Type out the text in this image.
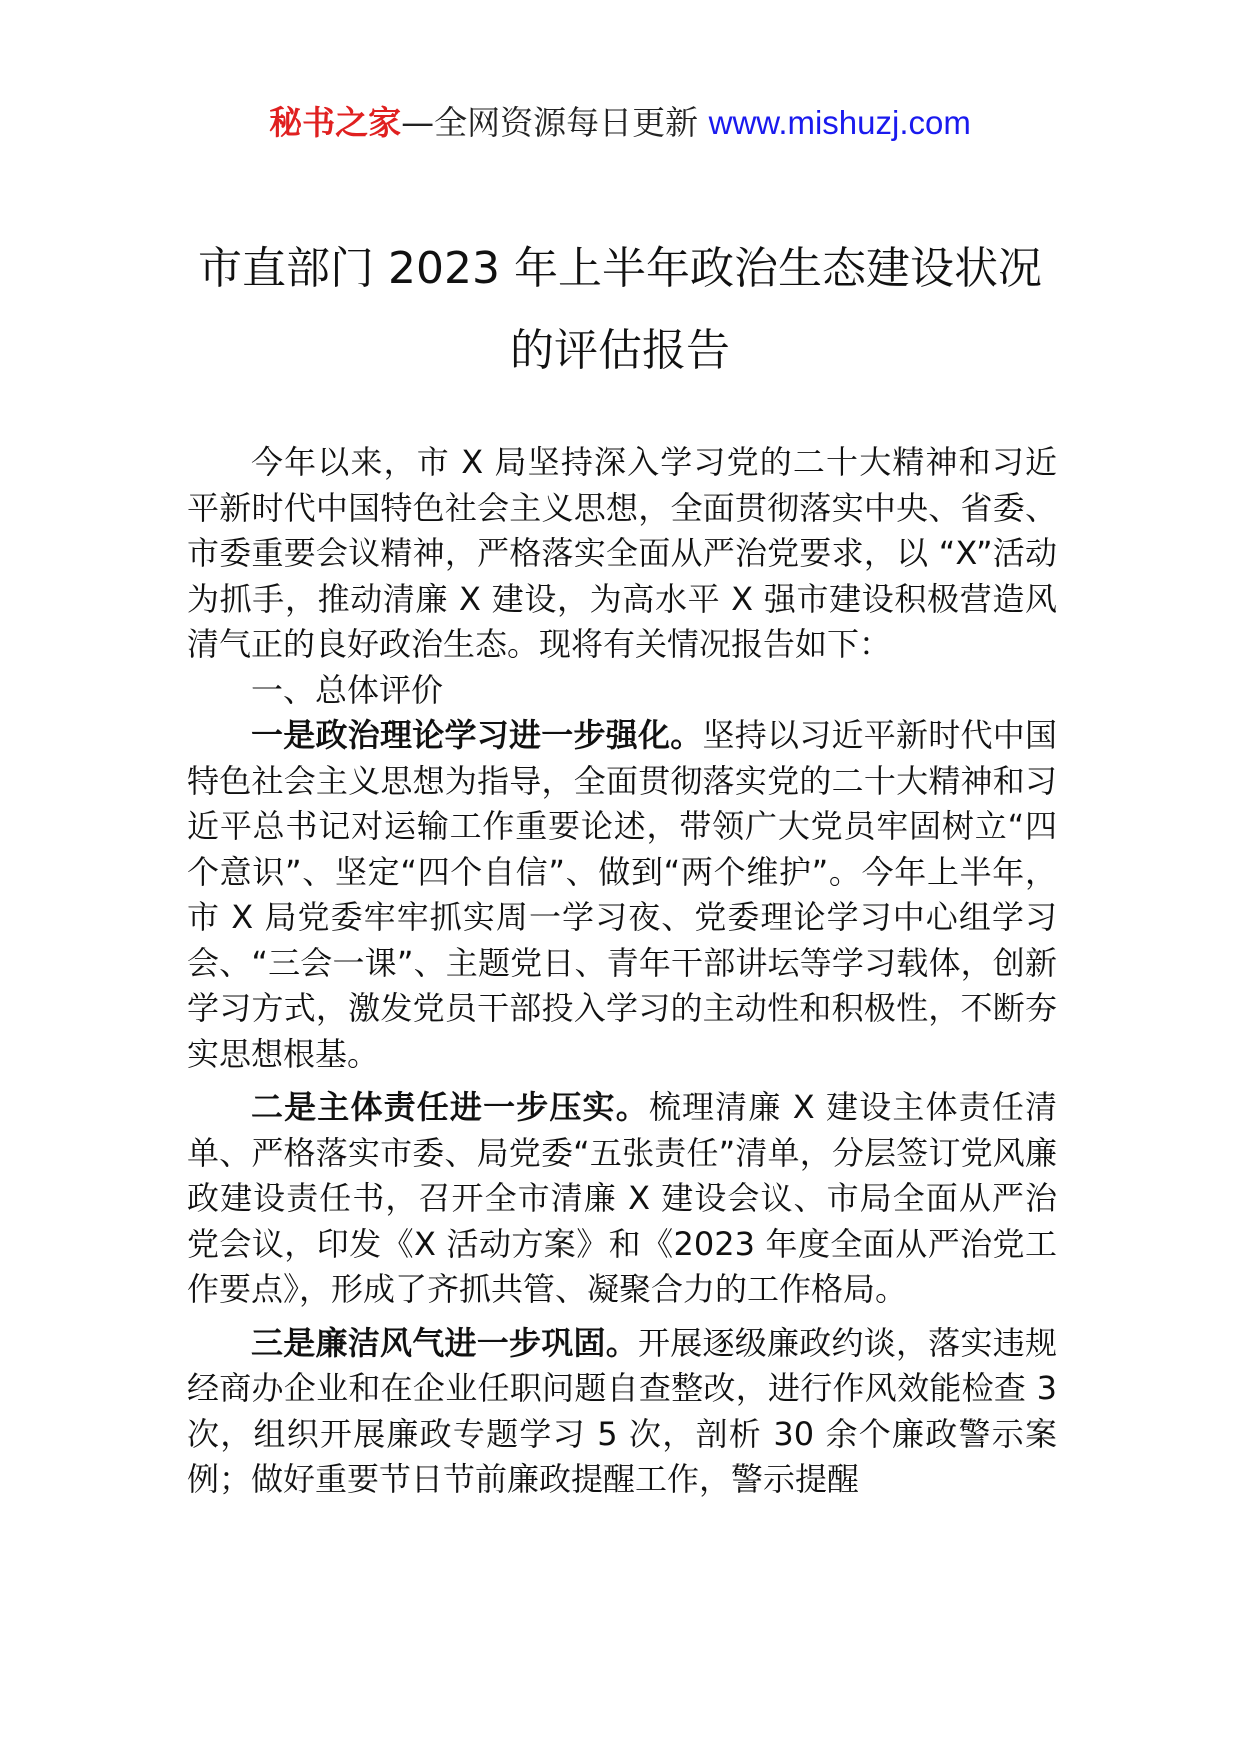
秘书之家—全网资源每日更新 www.mishuzj.com
市直部门 2023 年上半年政治生态建设状况
的评估报告

今年以来，市 X 局坚持深入学习党的二十大精神和习近平新时代中国特色社会主义思想，全面贯彻落实中央、省委、市委重要会议精神，严格落实全面从严治党要求，以 “X”活动为抓手，推动清廉 X 建设，为高水平 X 强市建设积极营造风清气正的良好政治生态。现将有关情况报告如下：

一、总体评价

一是政治理论学习进一步强化。坚持以习近平新时代中国特色社会主义思想为指导，全面贯彻落实党的二十大精神和习近平总书记对运输工作重要论述，带领广大党员牢固树立“四个意识”、坚定“四个自信”、做到“两个维护”。今年上半年，市 X 局党委牢牢抓实周一学习夜、党委理论学习中心组学习会、“三会一课”、主题党日、青年干部讲坛等学习载体，创新学习方式，激发党员干部投入学习的主动性和积极性，不断夯实思想根基。

二是主体责任进一步压实。梳理清廉 X 建设主体责任清单、严格落实市委、局党委“五张责任”清单，分层签订党风廉政建设责任书，召开全市清廉 X 建设会议、市局全面从严治党会议，印发《X 活动方案》和《2023 年度全面从严治党工作要点》，形成了齐抓共管、凝聚合力的工作格局。

三是廉洁风气进一步巩固。开展逐级廉政约谈，落实违规经商办企业和在企业任职问题自查整改，进行作风效能检查 3 次，组织开展廉政专题学习 5 次，剖析 30 余个廉政警示案例；做好重要节日节前廉政提醒工作，警示提醒
